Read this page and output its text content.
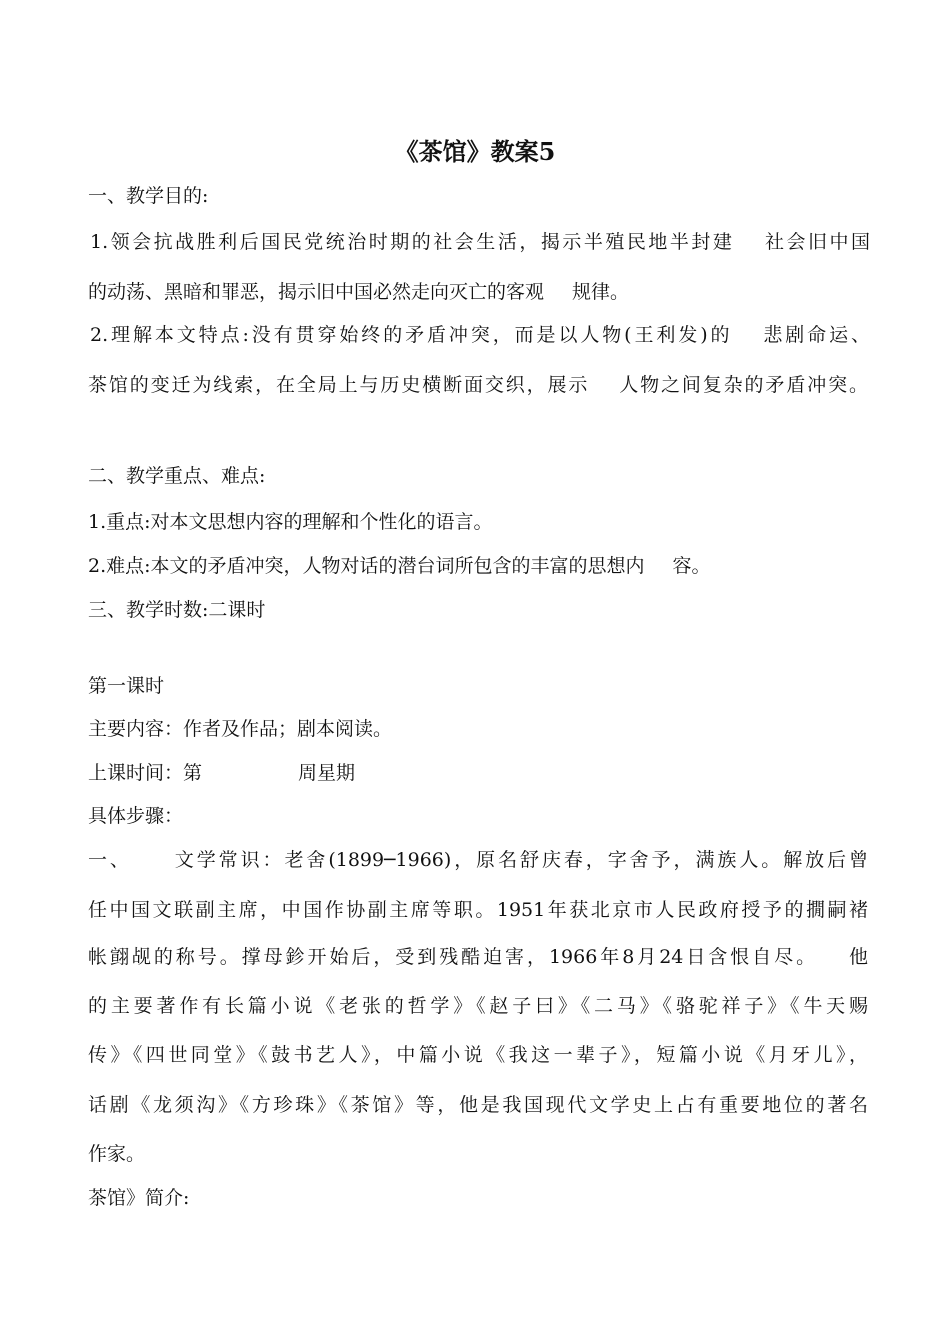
《茶馆》教案5
一、教学目的:
1.领会抗战胜利后国民党统治时期的社会生活，揭示半殖民地半封建 社会旧中国
的动荡、黑暗和罪恶，揭示旧中国必然走向灭亡的客观 规律。
2.理解本文特点:没有贯穿始终的矛盾冲突，而是以人物(王利发)的 悲剧命运、
茶馆的变迁为线索，在全局上与历史横断面交织，展示 人物之间复杂的矛盾冲突。
二、教学重点、难点:
1.重点:对本文思想内容的理解和个性化的语言。
2.难点:本文的矛盾冲突，人物对话的潜台词所包含的丰富的思想内 容。
三、教学时数:二课时
第一课时
主要内容：作者及作品；剧本阅读。
上课时间：第	周星期
具体步骤：
一、 文学常识：老舍(1899─1966)，原名舒庆春，字舍予，满族人。解放后曾
任中国文联副主席，中国作协副主席等职。1951年获北京市人民政府授予的撊嗣褚
帐翧觇的称号。撑母鉁开始后，受到残酷迫害，1966年8月24日含恨自尽。 他
的主要著作有长篇小说《老张的哲学》《赵子曰》《二马》《骆驼祥子》《牛天赐
传》《四世同堂》《鼓书艺人》，中篇小说《我这一辈子》，短篇小说《月牙儿》，
话剧《龙须沟》《方珍珠》《茶馆》等，他是我国现代文学史上占有重要地位的著名
作家。
茶馆》简介:
